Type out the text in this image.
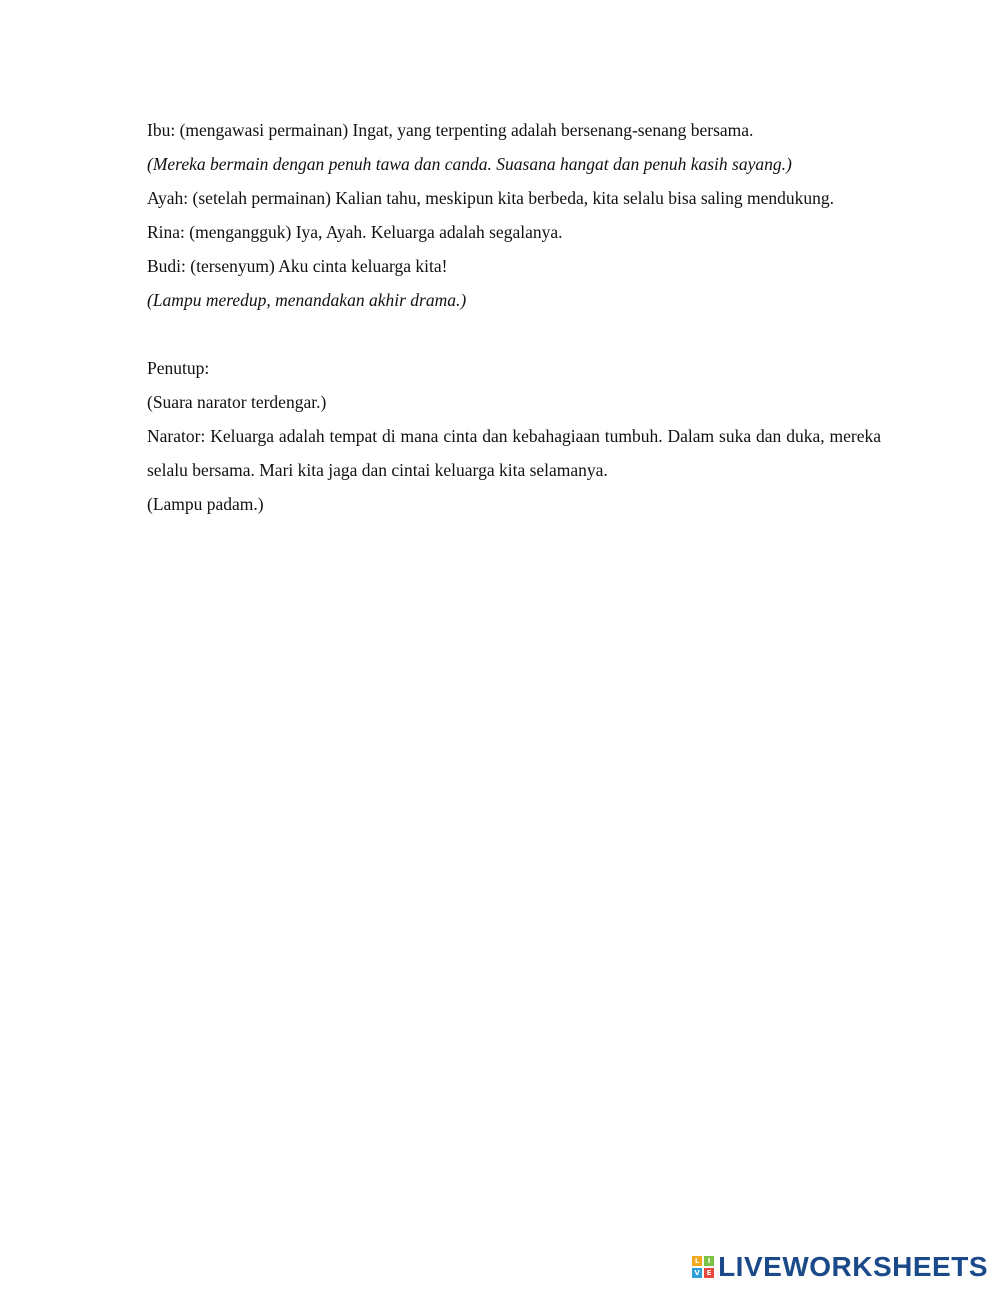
Ibu: (mengawasi permainan) Ingat, yang terpenting adalah bersenang-senang bersama.

(Mereka bermain dengan penuh tawa dan canda. Suasana hangat dan penuh kasih sayang.)

Ayah: (setelah permainan) Kalian tahu, meskipun kita berbeda, kita selalu bisa saling mendukung.

Rina: (mengangguk) Iya, Ayah. Keluarga adalah segalanya.

Budi: (tersenyum) Aku cinta keluarga kita!

(Lampu meredup, menandakan akhir drama.)

Penutup:

(Suara narator terdengar.)

Narator: Keluarga adalah tempat di mana cinta dan kebahagiaan tumbuh. Dalam suka dan duka, mereka selalu bersama. Mari kita jaga dan cintai keluarga kita selamanya.

(Lampu padam.)

L	I
V E LIVEWORKSHEETS
